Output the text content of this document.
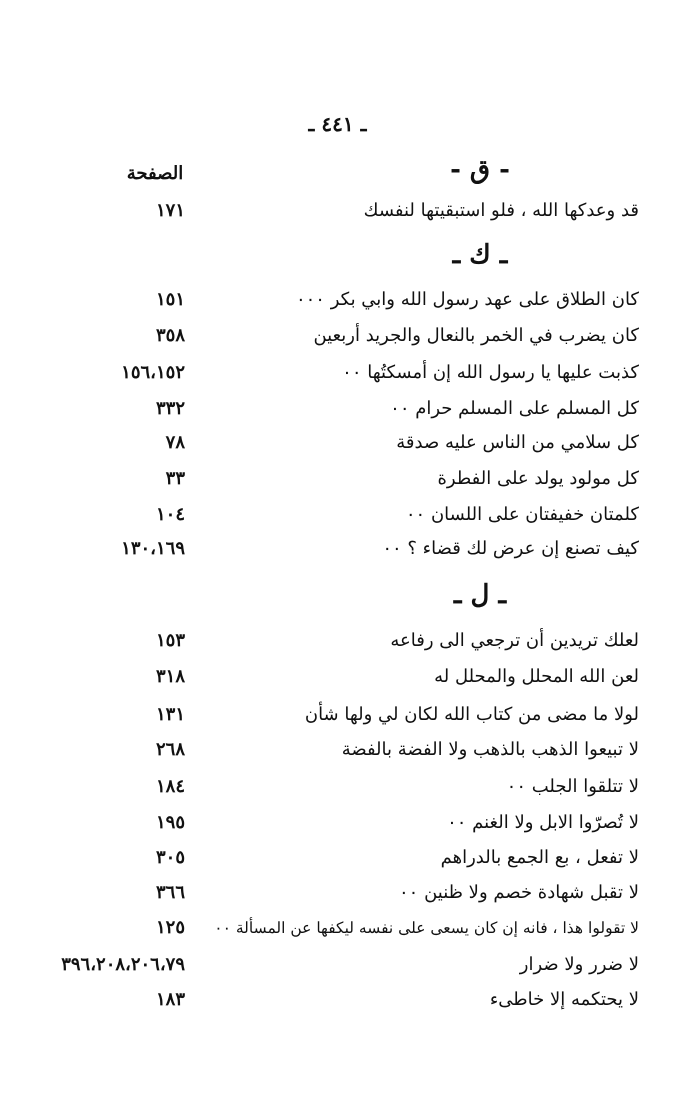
ـ ٤٤١ ـ
الصفحة	- ق -
قد وعدكها الله ، فلو استبقيتها لنفسك
١٧١
ـ ك ـ
كان الطلاق على عهد رسول الله وابي بكر ٠٠٠
١٥١
كان يضرب في الخمر بالنعال والجريد أربعين
٣٥٨
كذبت عليها يا رسول الله إن أمسكتُها ٠٠
١٥٦،١٥٢
كل المسلم على المسلم حرام ٠٠
٣٣٢
كل سلامي من الناس عليه صدقة
٧٨
كل مولود يولد على الفطرة
٣٣
كلمتان خفيفتان على اللسان ٠٠
١٠٤
كيف تصنع إن عرض لك قضاء ؟ ٠٠
١٣٠،١٦٩
ـ ل ـ
لعلك تريدين أن ترجعي الى رفاعه
١٥٣
لعن الله المحلل والمحلل له
٣١٨
لولا ما مضى من كتاب الله لكان لي ولها شأن
١٣١
لا تبيعوا الذهب بالذهب ولا الفضة بالفضة
٢٦٨
لا تتلقوا الجلب ٠٠
١٨٤
لا تُصرّوا الابل ولا الغنم ٠٠
١٩٥
لا تفعل ، بع الجمع بالدراهم
٣٠٥
لا تقبل شهادة خصم ولا ظنين ٠٠
٣٦٦
لا تقولوا هذا ، فانه إن كان يسعى على نفسه ليكفها عن المسألة ٠٠
١٢٥
لا ضرر ولا ضرار
٣٩٦،٢٠٨،٢٠٦،٧٩
لا يحتكمه إلا خاطىء
١٨٣
